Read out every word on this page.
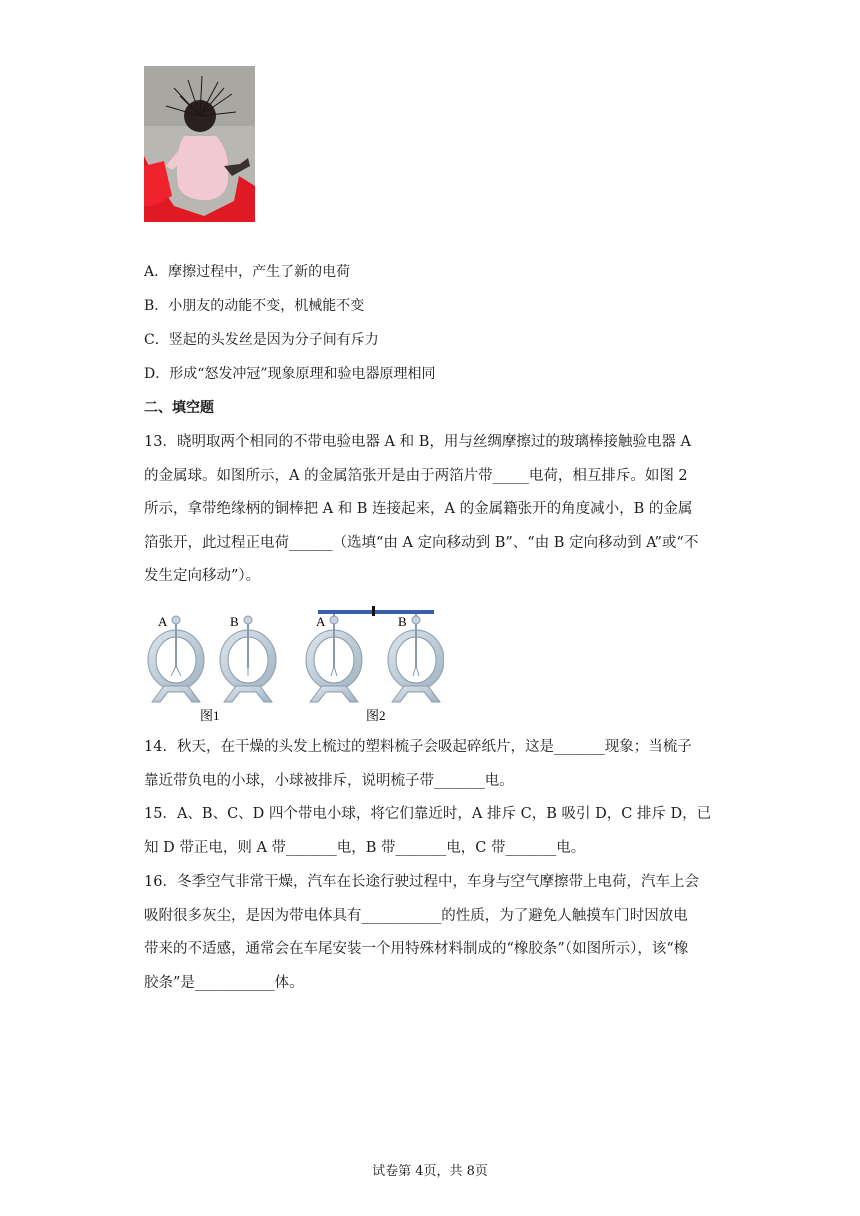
A．摩擦过程中，产生了新的电荷
B．小朋友的动能不变，机械能不变
C．竖起的头发丝是因为分子间有斥力
D．形成“怒发冲冠”现象原理和验电器原理相同
二、填空题
13．晓明取两个相同的不带电验电器 A 和 B，用与丝绸摩擦过的玻璃棒接触验电器 A
的金属球。如图所示，A 的金属箔张开是由于两箔片带_____电荷，相互排斥。如图 2
所示，拿带绝缘柄的铜棒把 A 和 B 连接起来，A 的金属籍张开的角度减小，B 的金属
箔张开，此过程正电荷______（选填“由 A 定向移动到 B”、“由 B 定向移动到 A”或“不
发生定向移动”）。
A	B	A	B
图1	图2
14．秋天，在干燥的头发上梳过的塑料梳子会吸起碎纸片，这是_______现象；当梳子
靠近带负电的小球，小球被排斥，说明梳子带_______电。
15．A、B、C、D 四个带电小球，将它们靠近时，A 排斥 C，B 吸引 D，C 排斥 D，已
知 D 带正电，则 A 带_______电，B 带_______电，C 带_______电。
16．冬季空气非常干燥，汽车在长途行驶过程中，车身与空气摩擦带上电荷，汽车上会
吸附很多灰尘，是因为带电体具有___________的性质，为了避免人触摸车门时因放电
带来的不适感，通常会在车尾安装一个用特殊材料制成的“橡胶条”（如图所示），该“橡
胶条”是___________体。
试卷第 4页，共 8页
